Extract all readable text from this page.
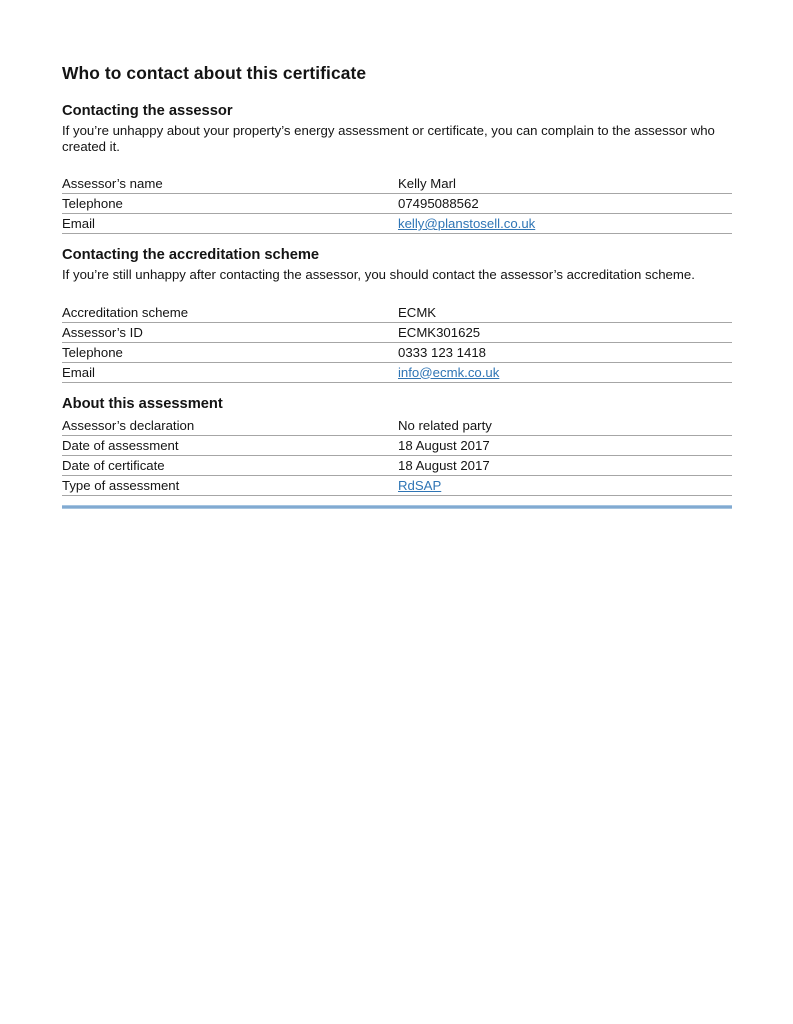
Who to contact about this certificate
Contacting the assessor

If you’re unhappy about your property’s energy assessment or certificate, you can complain to the assessor who created it.

Assessor’s name	Kelly Marl
Telephone	07495088562
Email	kelly@planstosell.co.uk
Contacting the accreditation scheme

If you’re still unhappy after contacting the assessor, you should contact the assessor’s accreditation scheme.

Accreditation scheme	ECMK
Assessor’s ID	ECMK301625
Telephone	0333 123 1418
Email	info@ecmk.co.uk
About this assessment
Assessor’s declaration	No related party
Date of assessment	18 August 2017
Date of certificate	18 August 2017
Type of assessment	RdSAP
